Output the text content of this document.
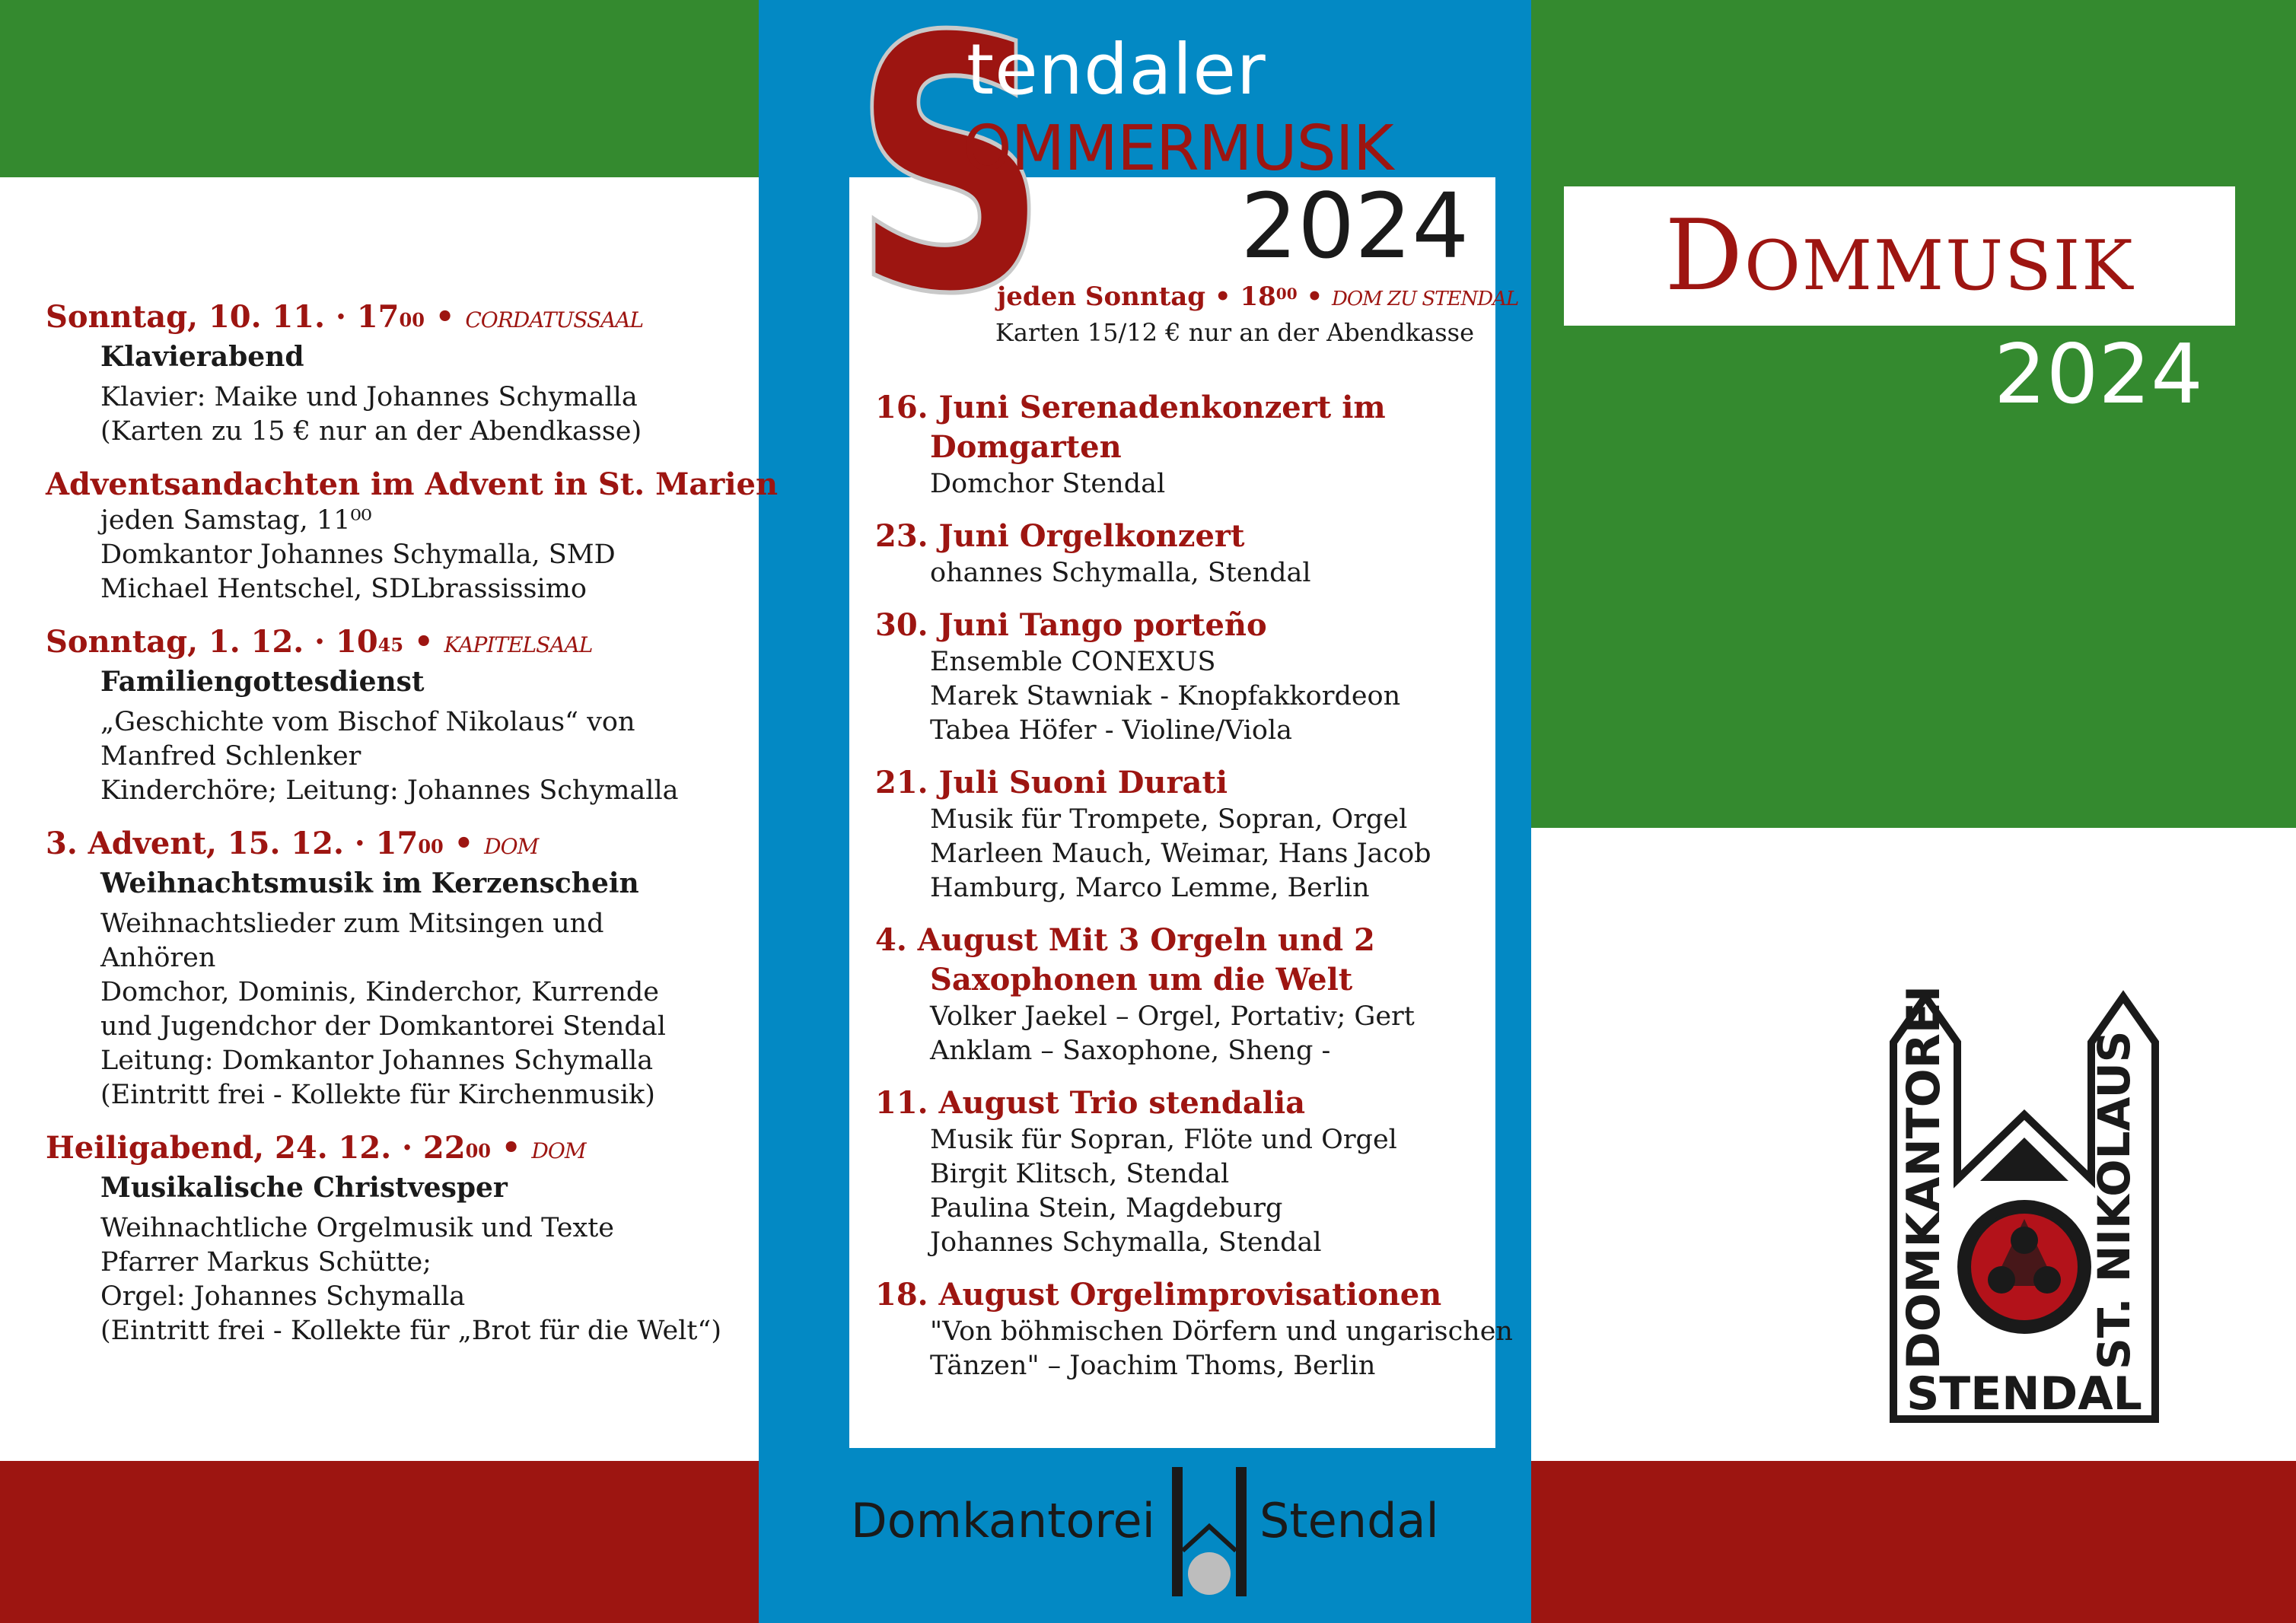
Sonntag, 10. 11. · $17^{00}$ • CORDATUSSAAL
Klavierabend
Klavier: Maike und Johannes Schymalla
(Karten zu 15 € nur an der Abendkasse)
Adventsandachten im Advent in St. Marien
jeden Samstag, 11⁰⁰
Domkantor Johannes Schymalla, SMD
Michael Hentschel, SDLbrassissimo
Sonntag, 1. 12. · $10^{45}$ • KAPITELSAAL
Familiengottesdienst
„Geschichte vom Bischof Nikolaus“ von
Manfred Schlenker
Kinderchöre; Leitung: Johannes Schymalla
3. Advent, 15. 12. · $17^{00}$ • DOM
Weihnachtsmusik im Kerzenschein
Weihnachtslieder zum Mitsingen und
Anhören
Domchor, Dominis, Kinderchor, Kurrende
und Jugendchor der Domkantorei Stendal
Leitung: Domkantor Johannes Schymalla
(Eintritt frei - Kollekte für Kirchenmusik)
Heiligabend, 24. 12. · $22^{00}$ • DOM
Musikalische Christvesper
Weihnachtliche Orgelmusik und Texte
Pfarrer Markus Schütte;
Orgel: Johannes Schymalla
(Eintritt frei - Kollekte für „Brot für die Welt“)
S
tendaler
OMMERMUSIK
2024
jeden Sonntag • $18^{00}$ • DOM ZU STENDAL
Karten 15/12 € nur an der Abendkasse
16. Juni Serenadenkonzert im Domgarten
Domchor Stendal
23. Juni Orgelkonzert
ohannes Schymalla, Stendal
30. Juni Tango porteño
Ensemble CONEXUS
Marek Stawniak - Knopfakkordeon
Tabea Höfer - Violine/Viola
21. Juli Suoni Durati
Musik für Trompete, Sopran, Orgel
Marleen Mauch, Weimar, Hans Jacob
Hamburg, Marco Lemme, Berlin
4. August Mit 3 Orgeln und 2 Saxophonen um die Welt
Volker Jaekel – Orgel, Portativ; Gert
Anklam – Saxophone, Sheng -
11. August Trio stendalia
Musik für Sopran, Flöte und Orgel
Birgit Klitsch, Stendal
Paulina Stein, Magdeburg
Johannes Schymalla, Stendal
18. August Orgelimprovisationen
"Von böhmischen Dörfern und ungarischen
Tänzen" – Joachim Thoms, Berlin
Domkantorei Stendal
Dommusik
2024
DOMKANTOREI	ST. NIKOLAUS
STENDAL
